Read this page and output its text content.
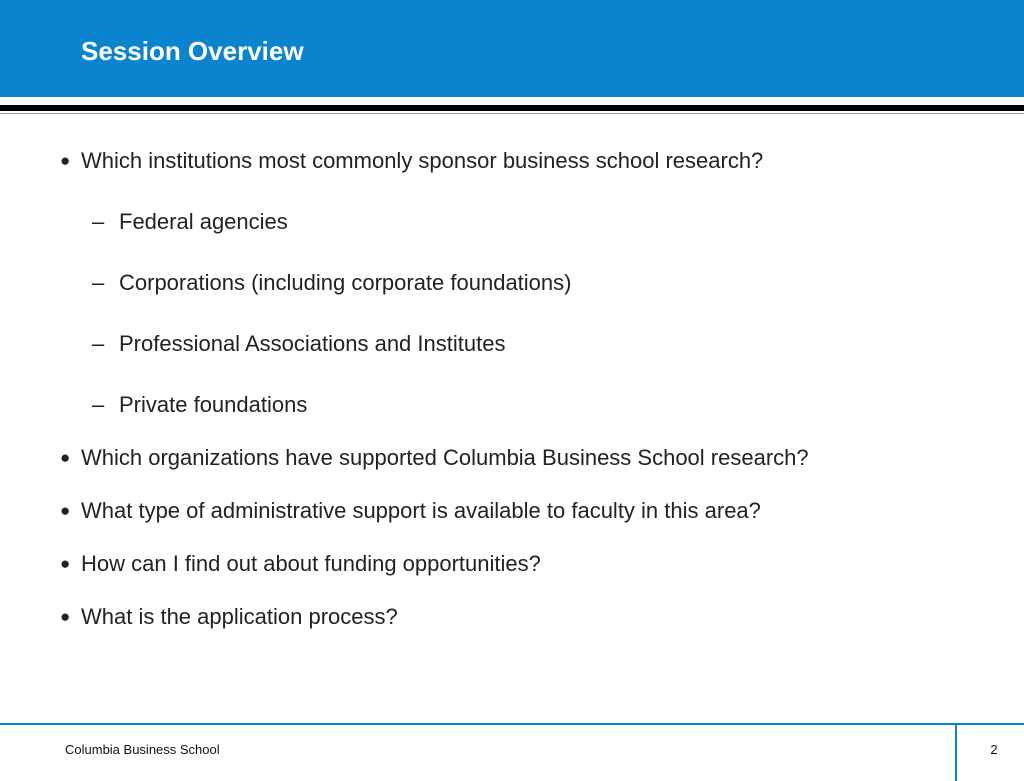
Session Overview
● Which institutions most commonly sponsor business school research?
– Federal agencies
– Corporations (including corporate foundations)
– Professional Associations and Institutes
– Private foundations
● Which organizations have supported Columbia Business School research?
● What type of administrative support is available to faculty in this area?
● How can I find out about funding opportunities?
● What is the application process?
Columbia Business School	2
